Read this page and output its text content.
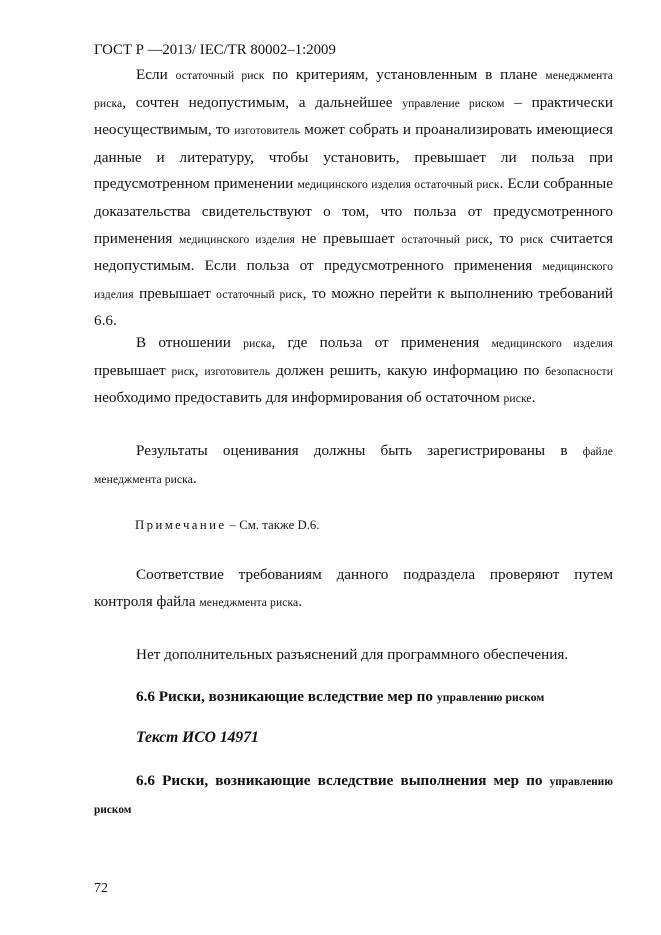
ГОСТ Р —2013/ IEC/TR 80002–1:2009

Если остаточный риск по критериям, установленным в плане менеджмента риска, сочтен недопустимым, а дальнейшее управление риском – практически неосуществимым, то изготовитель может собрать и проанализировать имеющиеся данные и литературу, чтобы установить, превышает ли польза при предусмотренном применении медицинского изделия остаточный риск. Если собранные доказательства свидетельствуют о том, что польза от предусмотренного применения медицинского изделия не превышает остаточный риск, то риск считается недопустимым. Если польза от предусмотренного применения медицинского изделия превышает остаточный риск, то можно перейти к выполнению требований 6.6.

В отношении риска, где польза от применения медицинского изделия превышает риск, изготовитель должен решить, какую информацию по безопасности необходимо предоставить для информирования об остаточном риске.

Результаты оценивания должны быть зарегистрированы в файле менеджмента риска.

Примечание – См. также D.6.

Соответствие требованиям данного подраздела проверяют путем контроля файла менеджмента риска.

Нет дополнительных разъяснений для программного обеспечения.

6.6 Риски, возникающие вследствие мер по управлению риском

Текст ИСО 14971

6.6 Риски, возникающие вследствие выполнения мер по управлению риском

72
